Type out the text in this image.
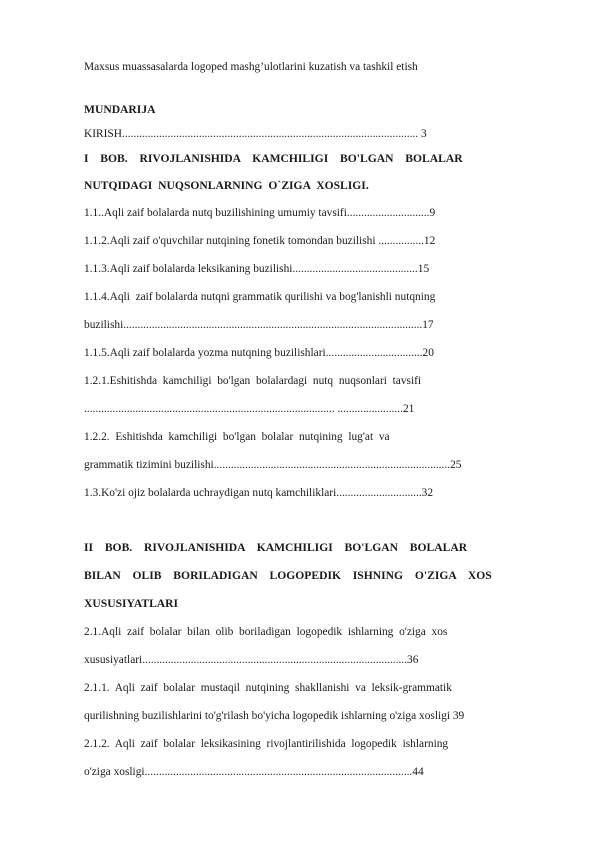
Maxsus muassasalarda logoped mashg’ulotlarini kuzatish va tashkil etish
MUNDARIJA
KIRISH........................................................................................................ 3
I  BOB.  RIVOJLANISHIDA  KAMCHILIGI  BO'LGAN  BOLALAR
NUTQIDAGI NUQSONLARNING O`ZIGA XOSLIGI.
1.1..Aqli zaif bolalarda nutq buzilishining umumiy tavsifi.............................9
1.1.2.Aqli zaif o'quvchilar nutqining fonetik tomondan buzilishi ................12
1.1.3.Aqli zaif bolalarda leksikaning buzilishi............................................15
1.1.4.Aqli  zaif bolalarda nutqni grammatik qurilishi va bog'lanishli nutqning
buzilishi.........................................................................................................17
1.1.5.Aqli zaif bolalarda yozma nutqning buzilishlari..................................20
1.2.1.Eshitishda  kamchiligi  bo'lgan  bolalardagi  nutq  nuqsonlari  tavsifi
........................................................................................ .......................21
1.2.2.  Eshitishda  kamchiligi  bo'lgan  bolalar  nutqining  lug'at  va
grammatik tizimini buzilishi...................................................................................25
1.3.Ko'zi ojiz bolalarda uchraydigan nutq kamchiliklari..............................32
II  BOB.  RIVOJLANISHIDA  KAMCHILIGI  BO'LGAN  BOLALAR
BILAN  OLIB  BORILADIGAN  LOGOPEDIK  ISHNING  O'ZIGA  XOS
XUSUSIYATLARI
2.1.Aqli  zaif  bolalar  bilan  olib  boriladigan  logopedik  ishlarning  o'ziga  xos
xususiyatlari.............................................................................................36
2.1.1.  Aqli  zaif  bolalar  mustaqil  nutqining  shakllanishi  va  leksik-grammatik
qurilishning buzilishlarini to'g'rilash bo'yicha logopedik ishlarning o'ziga xosligi 39
2.1.2.  Aqli  zaif  bolalar  leksikasining  rivojlantirilishida  logopedik  ishlarning
o'ziga xosligi..............................................................................................44
